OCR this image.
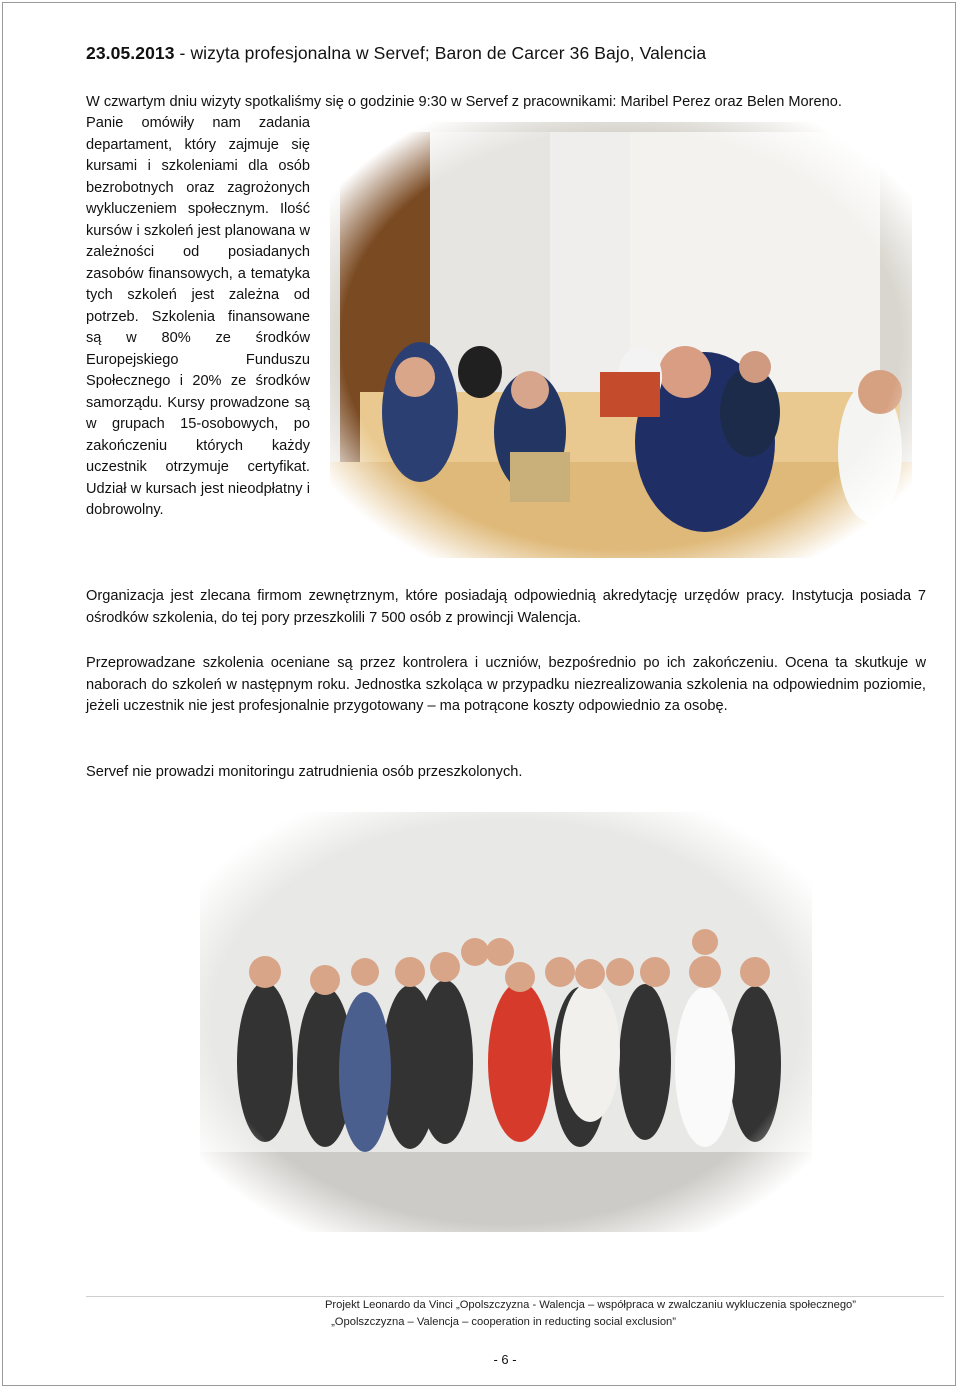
23.05.2013 - wizyta profesjonalna w Servef; Baron de Carcer 36 Bajo, Valencia
W czwartym dniu wizyty spotkaliśmy się o godzinie 9:30 w Servef z pracownikami: Maribel Perez oraz Belen Moreno.
Panie omówiły nam zadania departament, który zajmuje się kursami i szkoleniami dla osób bezrobotnych oraz zagrożonych wykluczeniem społecznym. Ilość kursów i szkoleń jest planowana w zależności od posiadanych zasobów finansowych, a tematyka tych szkoleń jest zależna od potrzeb. Szkolenia finansowane są w 80% ze środków Europejskiego Funduszu Społecznego i 20% ze środków samorządu. Kursy prowadzone są w grupach 15-osobowych, po zakończeniu których każdy uczestnik otrzymuje certyfikat. Udział w kursach jest nieodpłatny i dobrowolny.
Organizacja jest zlecana firmom zewnętrznym, które posiadają odpowiednią akredytację urzędów pracy. Instytucja posiada 7 ośrodków szkolenia, do tej pory przeszkolili 7 500 osób z prowincji Walencja.
Przeprowadzane szkolenia oceniane są przez kontrolera i uczniów, bezpośrednio po ich zakończeniu. Ocena ta skutkuje w naborach do szkoleń w następnym roku. Jednostka szkoląca w przypadku niezrealizowania szkolenia na odpowiednim poziomie, jeżeli uczestnik nie jest profesjonalnie przygotowany – ma potrącone koszty odpowiednio za osobę.
Servef nie prowadzi monitoringu zatrudnienia osób przeszkolonych.
Projekt Leonardo da Vinci „Opolszczyzna - Walencja – współpraca w zwalczaniu wykluczenia społecznego”
„Opolszczyzna – Valencja – cooperation in reducting social exclusion”
- 6 -
